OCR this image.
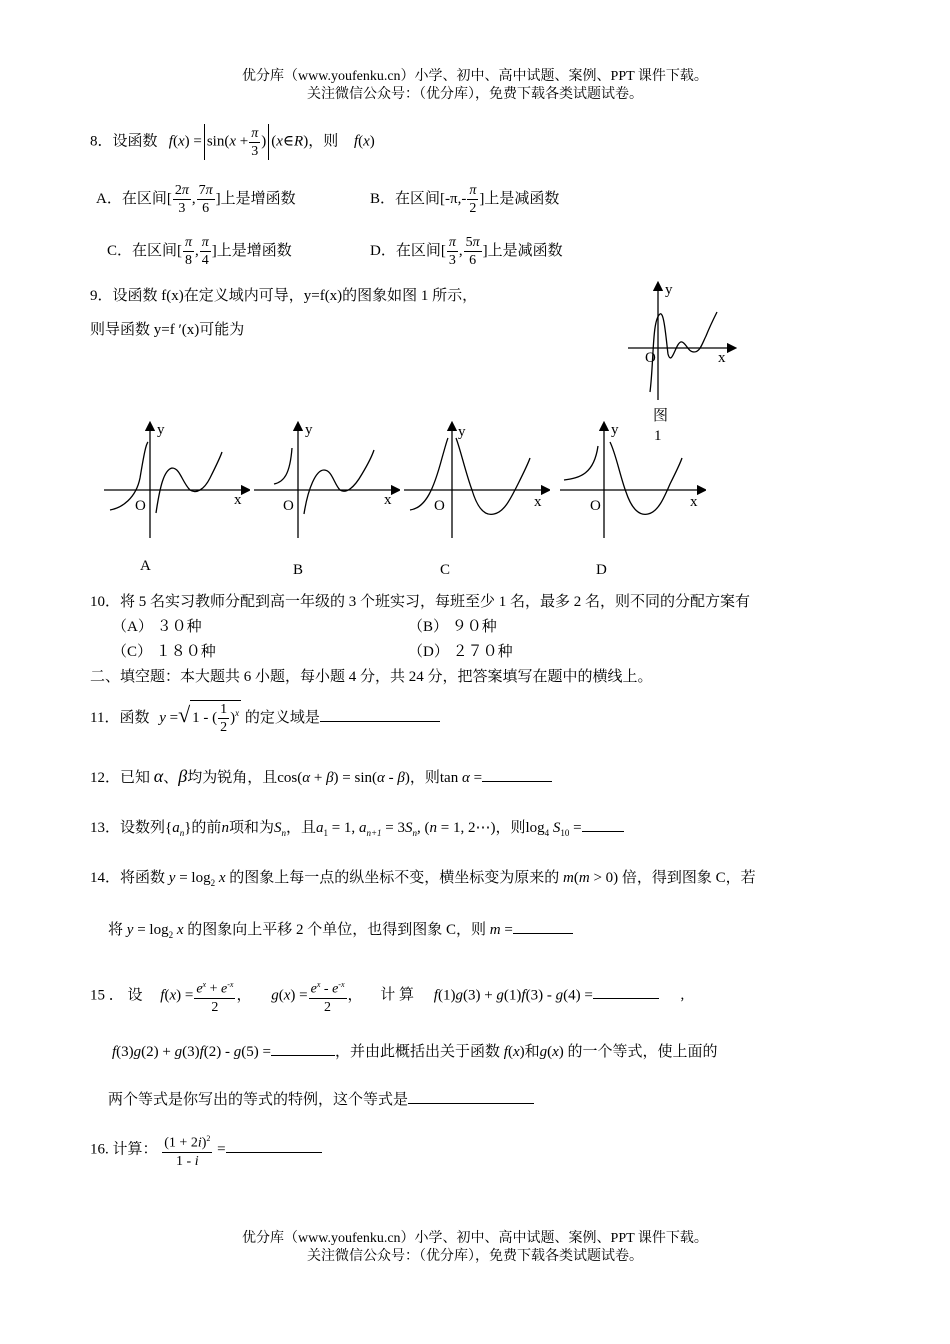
优分库（www.youfenku.cn）小学、初中、高中试题、案例、PPT 课件下载。
关注微信公众号：（优分库），免费下载各类试题试卷。
8．设函数   $f(x) = \sin(x + \frac{\pi}{3}$ ) (x∈R)，则 f(x)
A．在区间[ $\frac{2\pi}{3}$ , $\frac{7\pi}{6}$ ]上是增函数	B．在区间[$-\pi,- \frac{\pi}{2}$ ]上是减函数
C．在区间[ $\frac{\pi}{8}$ , $\frac{\pi}{4}$ ]上是增函数	D．在区间[ $\frac{\pi}{3}$ , $\frac{5\pi}{6}$ ]上是减函数
9．设函数 f(x)在定义域内可导，y=f(x)的图象如图 1 所示，
则导函数 y=f ′(x)可能为
y
x
O
图
1
y
x
O
A
y
x
O
B
y
x
O
C
y
x
O
D
10．将 5 名实习教师分配到高一年级的 3 个班实习，每班至少 1 名，最多 2 名，则不同的分配方案有
（A） ３０种	（B） ９０种
（C） １８０种	（D） ２７０种
二、填空题：本大题共 6 小题，每小题 4 分，共 24 分，把答案填写在题中的横线上。
11．函数 y =√ 1 - ( $\frac{1}{2} )^x$ 的定义域是
12．已知 α、β均为锐角，且cos(α + β) = sin(α - β)，则tan α =
13．设数列$\{a_n\}$的前n项和为$S_n$，且$a_1 = 1$, $a_{n+1} = 3S_n$, (n = 1, 2⋯)，则$\log_4 S_{10}$ =
14．将函数 $y = \log_2 x$ 的图象上每一点的纵坐标不变，横坐标变为原来的 m(m > 0) 倍，得到图象 C，若
将 $y = \log_2 x$ 的图象向上平移 2 个单位，也得到图象 C，则 m =
15 ． 设 $f(x) = \frac{e^x + e^{-x}}{2}$ ， $g(x) = \frac{e^x - e^{-x}}{2}$ ， 计 算 f(1)g(3) + g(1)f(3) - g(4) =	,
f(3)g(2) + g(3)f(2) - g(5) =	，并由此概括出关于函数 f(x)和g(x) 的一个等式，使上面的
两个等式是你写出的等式的特例，这个等式是
16. 计算： $\frac{(1 + 2i)^2}{1 - i}$ =
优分库（www.youfenku.cn）小学、初中、高中试题、案例、PPT 课件下载。
关注微信公众号：（优分库），免费下载各类试题试卷。
